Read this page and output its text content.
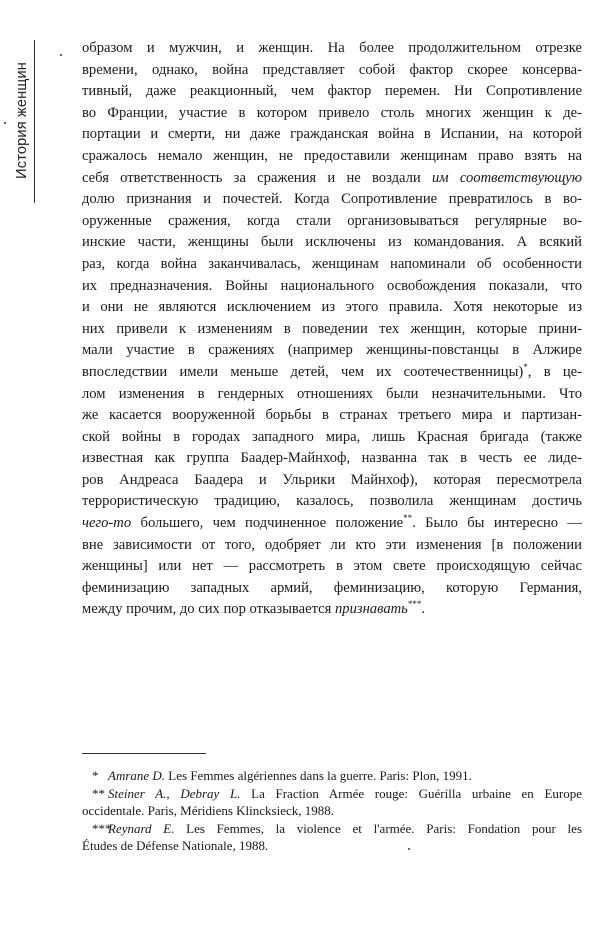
История женщин
образом и мужчин, и женщин. На более продолжительном отрезке
времени, однако, война представляет собой фактор скорее консерва-
тивный, даже реакционный, чем фактор перемен. Ни Сопротивление
во Франции, участие в котором привело столь многих женщин к де-
портации и смерти, ни даже гражданская война в Испании, на которой
сражалось немало женщин, не предоставили женщинам право взять на
себя ответственность за сражения и не воздали им соответствующую
долю признания и почестей. Когда Сопротивление превратилось в во-
оруженные сражения, когда стали организовываться регулярные во-
инские части, женщины были исключены из командования. А всякий
раз, когда война заканчивалась, женщинам напоминали об особенности
их предназначения. Войны национального освобождения показали, что
и они не являются исключением из этого правила. Хотя некоторые из
них привели к изменениям в поведении тех женщин, которые прини-
мали участие в сражениях (например женщины-повстанцы в Алжире
впоследствии имели меньше детей, чем их соотечественницы)*, в це-
лом изменения в гендерных отношениях были незначительными. Что
же касается вооруженной борьбы в странах третьего мира и партизан-
ской войны в городах западного мира, лишь Красная бригада (также
известная как группа Баадер-Майнхоф, названна так в честь ее лиде-
ров Андреаса Баадера и Ульрики Майнхоф), которая пересмотрела
террористическую традицию, казалось, позволила женщинам достичь
чего-то большего, чем подчиненное положение**. Было бы интересно —
вне зависимости от того, одобряет ли кто эти изменения [в положении
женщины] или нет — рассмотреть в этом свете происходящую сейчас
феминизацию западных армий, феминизацию, которую Германия,
между прочим, до сих пор отказывается признавать***.
* Amrane D. Les Femmes algériennes dans la guerre. Paris: Plon, 1991.
** Steiner A., Debray L. La Fraction Armée rouge: Guérilla urbaine en Europe
occidentale. Paris, Méridiens Klincksieck, 1988.
***Reynard E. Les Femmes, la violence et l'armée. Paris: Fondation pour les
Études de Défense Nationale, 1988.
